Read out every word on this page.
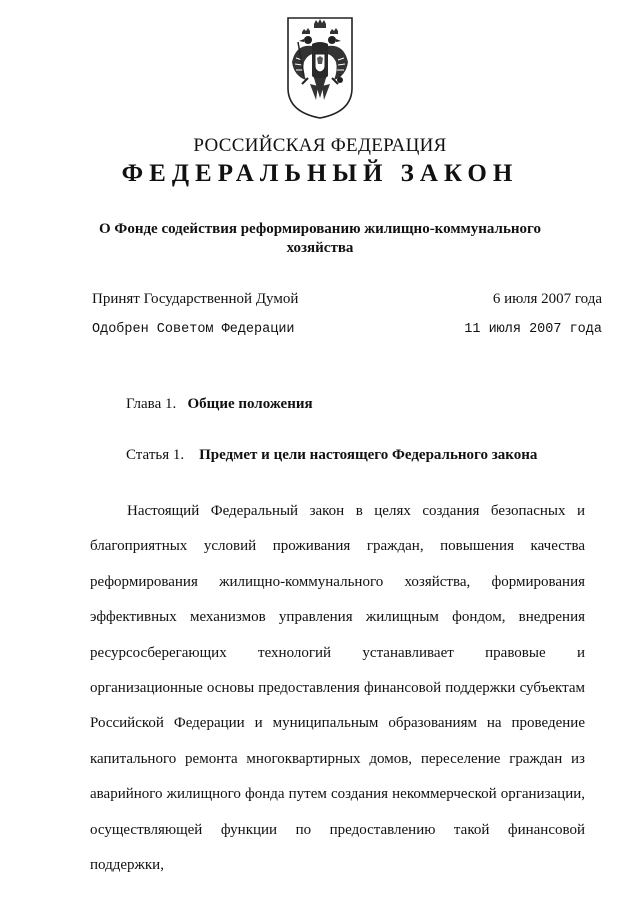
РОССИЙСКАЯ ФЕДЕРАЦИЯ
ФЕДЕРАЛЬНЫЙ ЗАКОН
О Фонде содействия реформированию жилищно-коммунального хозяйства
Принят Государственной Думой	6 июля 2007 года
Одобрен Советом Федерации	11 июля 2007 года
Глава 1. Общие положения
Статья 1. Предмет и цели настоящего Федерального закона

Настоящий Федеральный закон в целях создания безопасных и благоприятных условий проживания граждан, повышения качества реформирования жилищно-коммунального хозяйства, формирования эффективных механизмов управления жилищным фондом, внедрения ресурсосберегающих технологий устанавливает правовые и организационные основы предоставления финансовой поддержки субъектам Российской Федерации и муниципальным образованиям на проведение капитального ремонта многоквартирных домов, переселение граждан из аварийного жилищного фонда путем создания некоммерческой организации, осуществляющей функции по предоставлению такой финансовой поддержки,
